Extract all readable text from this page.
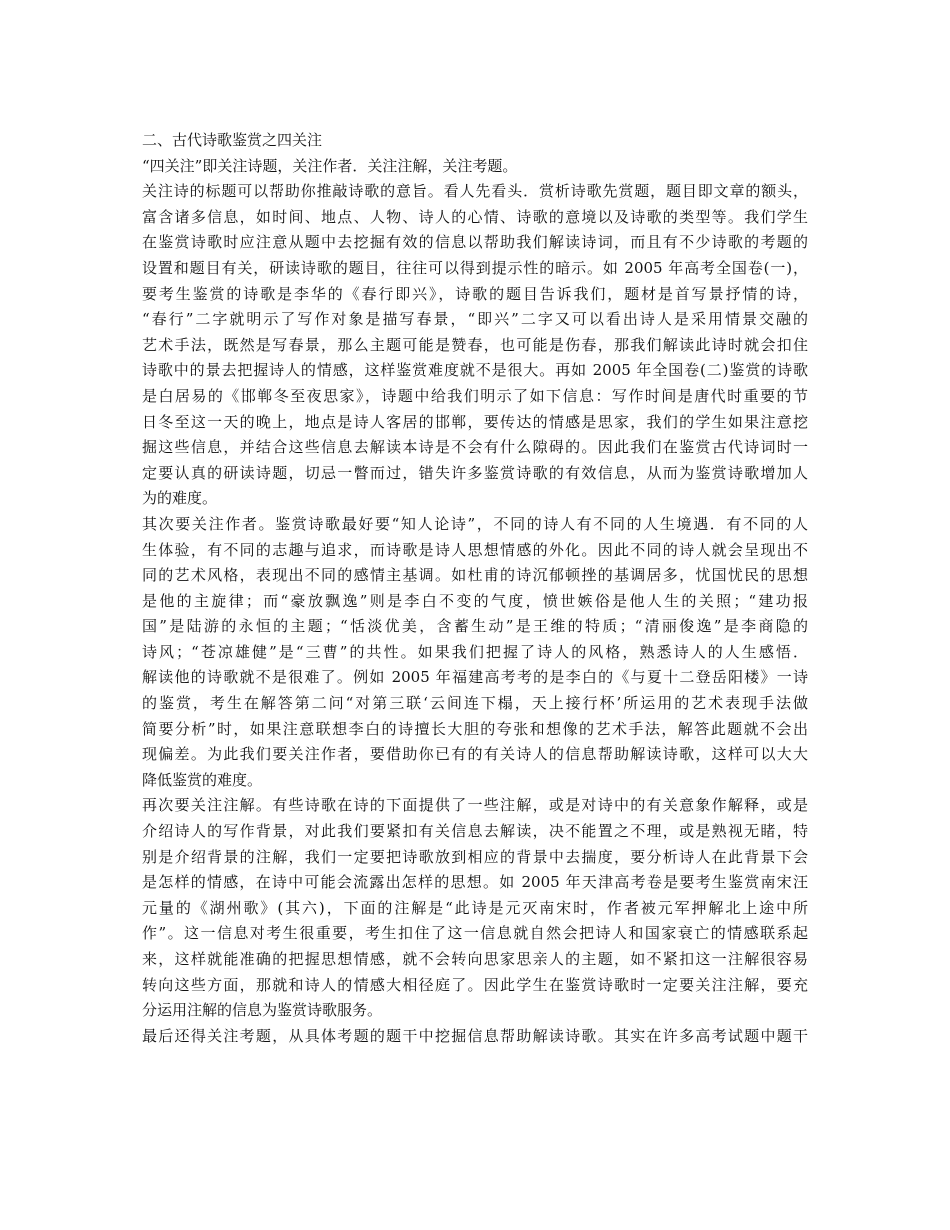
二、古代诗歌鉴赏之四关注
“四关注”即关注诗题，关注作者．关注注解，关注考题。
关注诗的标题可以帮助你推敲诗歌的意旨。看人先看头．赏析诗歌先赏题，题目即文章的额头，
富含诸多信息，如时间、地点、人物、诗人的心情、诗歌的意境以及诗歌的类型等。我们学生
在鉴赏诗歌时应注意从题中去挖掘有效的信息以帮助我们解读诗词，而且有不少诗歌的考题的
设置和题目有关，研读诗歌的题目，往往可以得到提示性的暗示。如 2005 年高考全国卷(一)，
要考生鉴赏的诗歌是李华的《春行即兴》，诗歌的题目告诉我们，题材是首写景抒情的诗，
“春行”二字就明示了写作对象是描写春景，“即兴”二字又可以看出诗人是采用情景交融的
艺术手法，既然是写春景，那么主题可能是赞春，也可能是伤春，那我们解读此诗时就会扣住
诗歌中的景去把握诗人的情感，这样鉴赏难度就不是很大。再如 2005 年全国卷(二)鉴赏的诗歌
是白居易的《邯郸冬至夜思家》，诗题中给我们明示了如下信息：写作时间是唐代时重要的节
日冬至这一天的晚上，地点是诗人客居的邯郸，要传达的情感是思家，我们的学生如果注意挖
掘这些信息，并结合这些信息去解读本诗是不会有什么隙碍的。因此我们在鉴赏古代诗词时一
定要认真的研读诗题，切忌一瞥而过，错失许多鉴赏诗歌的有效信息，从而为鉴赏诗歌增加人
为的难度。
其次要关注作者。鉴赏诗歌最好要“知人论诗”，不同的诗人有不同的人生境遇．有不同的人
生体验，有不同的志趣与追求，而诗歌是诗人思想情感的外化。因此不同的诗人就会呈现出不
同的艺术风格，表现出不同的感情主基调。如杜甫的诗沉郁顿挫的基调居多，忧国忧民的思想
是他的主旋律；而“豪放飘逸”则是李白不变的气度，愤世嫉俗是他人生的关照；“建功报
国”是陆游的永恒的主题；“恬淡优美，含蓄生动”是王维的特质；“清丽俊逸”是李商隐的
诗风；“苍凉雄健”是“三曹”的共性。如果我们把握了诗人的风格，熟悉诗人的人生感悟．
解读他的诗歌就不是很难了。例如 2005 年福建高考考的是李白的《与夏十二登岳阳楼》一诗
的鉴赏，考生在解答第二问“对第三联‘云间连下榻，天上接行杯’所运用的艺术表现手法做
简要分析”时，如果注意联想李白的诗擅长大胆的夸张和想像的艺术手法，解答此题就不会出
现偏差。为此我们要关注作者，要借助你已有的有关诗人的信息帮助解读诗歌，这样可以大大
降低鉴赏的难度。
再次要关注注解。有些诗歌在诗的下面提供了一些注解，或是对诗中的有关意象作解释，或是
介绍诗人的写作背景，对此我们要紧扣有关信息去解读，决不能置之不理，或是熟视无睹，特
别是介绍背景的注解，我们一定要把诗歌放到相应的背景中去揣度，要分析诗人在此背景下会
是怎样的情感，在诗中可能会流露出怎样的思想。如 2005 年天津高考卷是要考生鉴赏南宋汪
元量的《湖州歌》(其六)，下面的注解是“此诗是元灭南宋时，作者被元军押解北上途中所
作”。这一信息对考生很重要，考生扣住了这一信息就自然会把诗人和国家衰亡的情感联系起
来，这样就能准确的把握思想情感，就不会转向思家思亲人的主题，如不紧扣这一注解很容易
转向这些方面，那就和诗人的情感大相径庭了。因此学生在鉴赏诗歌时一定要关注注解，要充
分运用注解的信息为鉴赏诗歌服务。
最后还得关注考题，从具体考题的题干中挖掘信息帮助解读诗歌。其实在许多高考试题中题干
